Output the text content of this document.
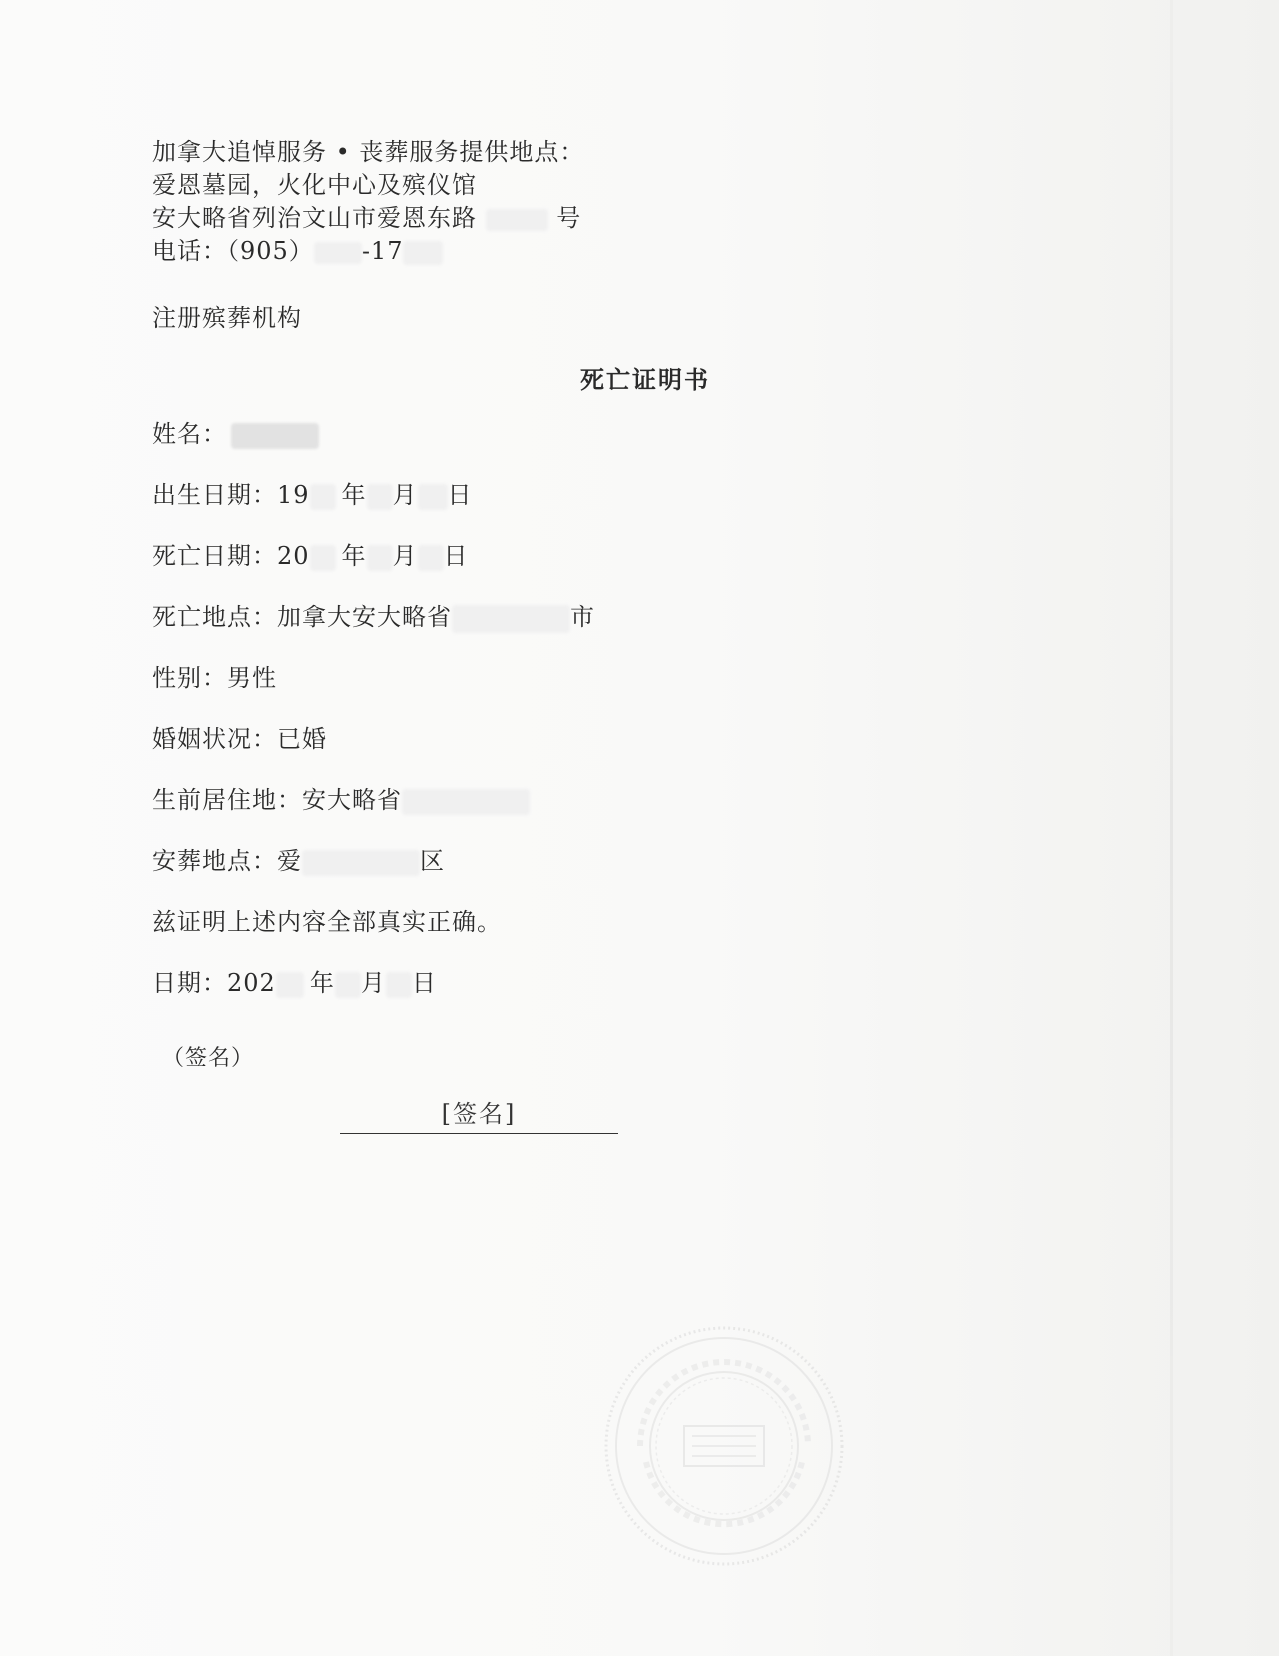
加拿大追悼服务 • 丧葬服务提供地点：
爱恩墓园，火化中心及殡仪馆
安大略省列治文山市爱恩东路	号
电话：（905） -17
注册殡葬机构
死亡证明书
姓名：
出生日期：19 年 月 日
死亡日期：20 年 月 日
死亡地点：加拿大安大略省	市
性别：男性
婚姻状况：已婚
生前居住地：安大略省
安葬地点：爱	区
兹证明上述内容全部真实正确。
日期：202 年 月 日
（签名）
[签名]
